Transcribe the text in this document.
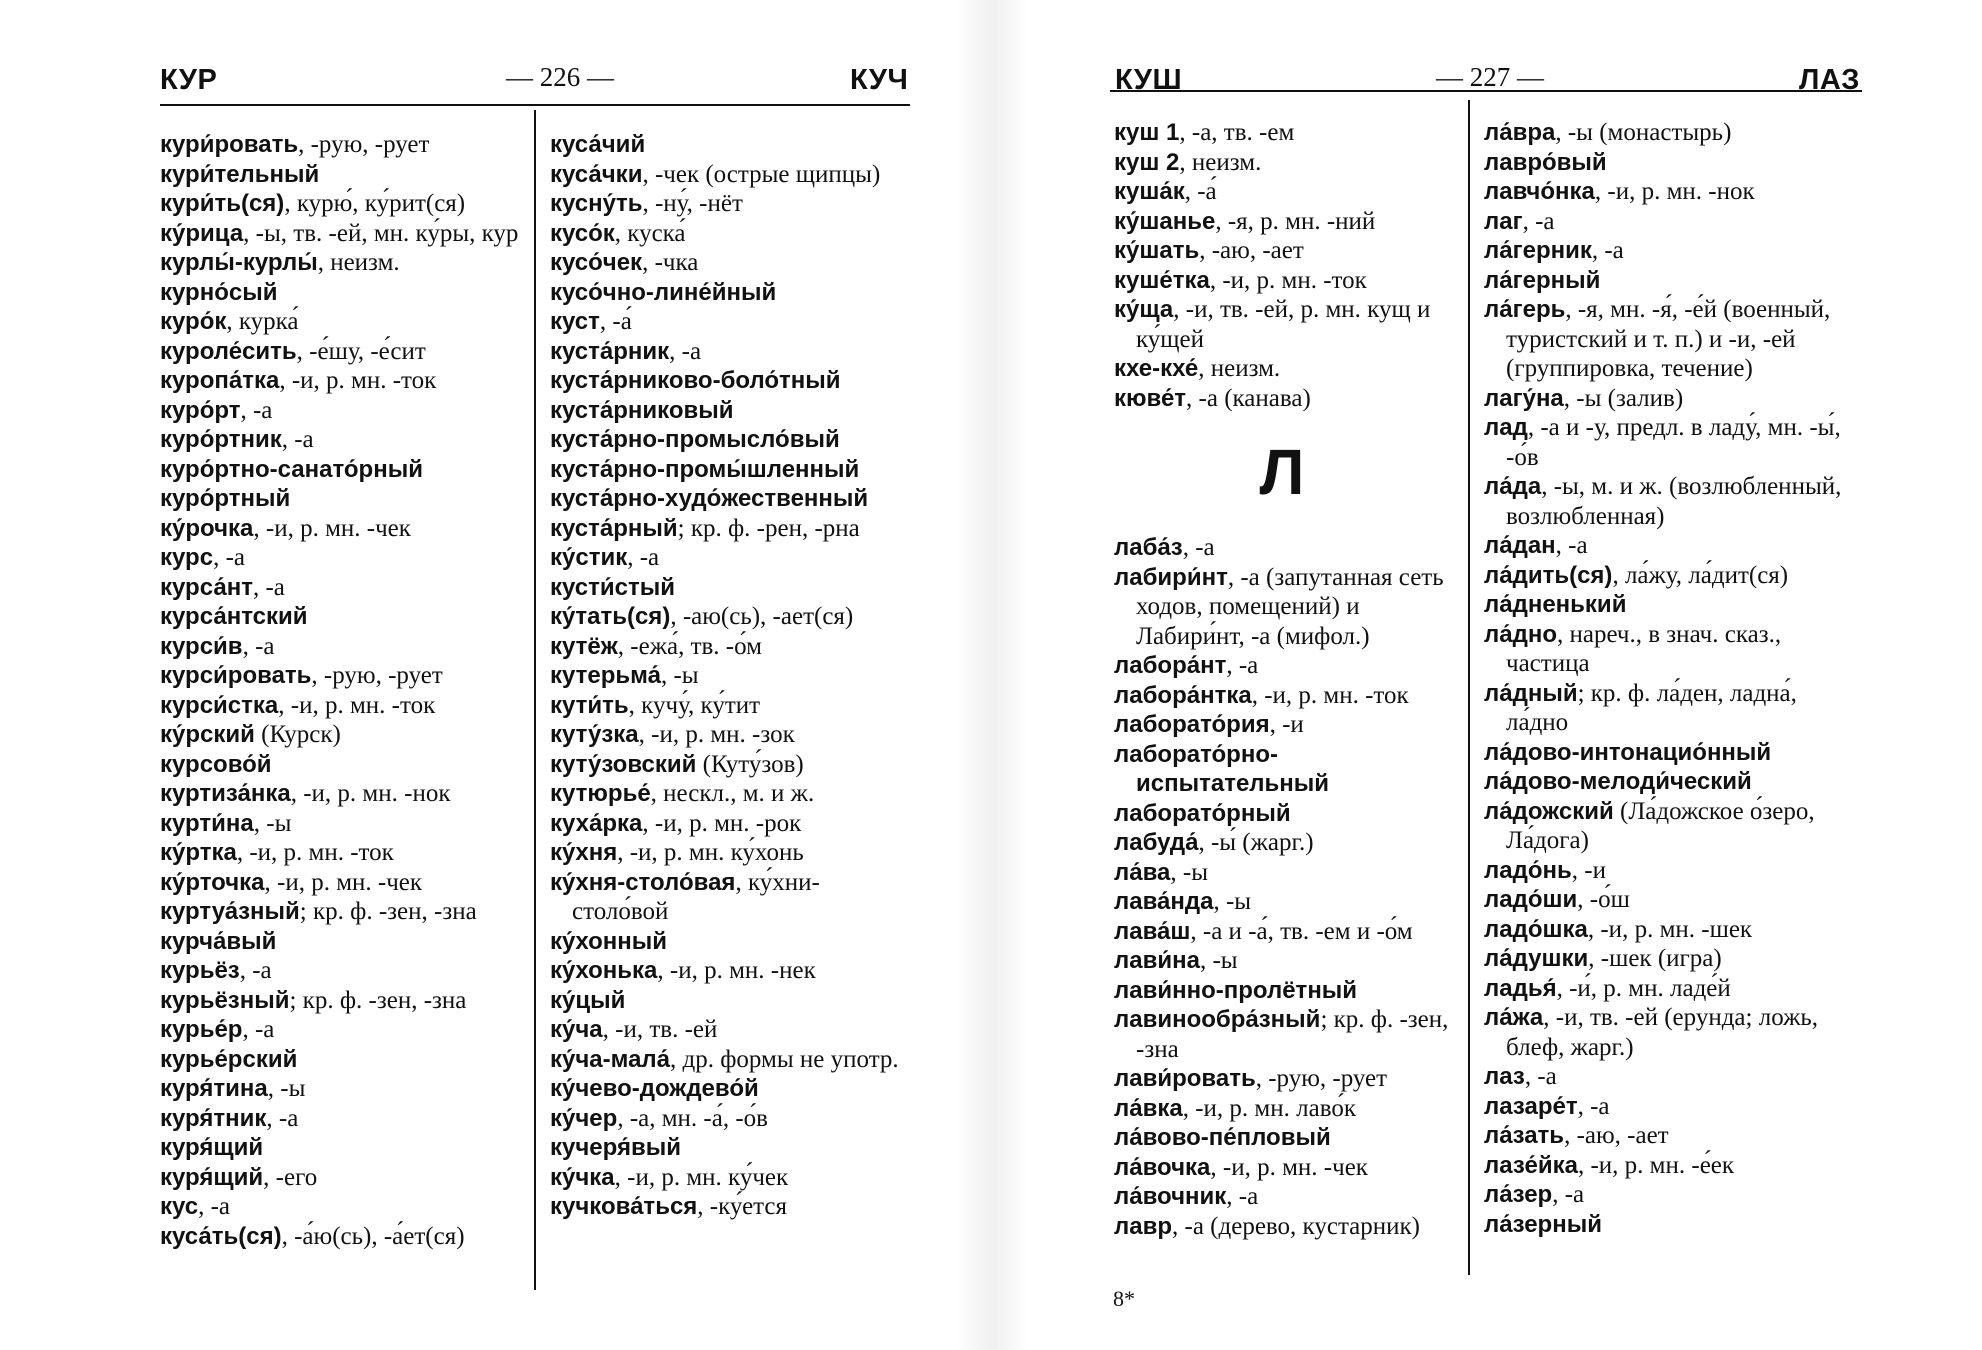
КУР	— 226 —	КУЧ

кури́ровать, -рую, -рует

кури́тельный

кури́ть(ся), курю́, ку́рит(ся)

ку́рица, -ы, тв. -ей, мн. ку́ры, кур

курлы́-курлы́, неизм.

курно́сый

куро́к, курка́

куроле́сить, -е́шу, -е́сит

куропа́тка, -и, р. мн. -ток

куро́рт, -а

куро́ртник, -а

куро́ртно-санато́рный

куро́ртный

ку́рочка, -и, р. мн. -чек

курс, -а

курса́нт, -а

курса́нтский

курси́в, -а

курси́ровать, -рую, -рует

курси́стка, -и, р. мн. -ток

ку́рский (Курск)

курсово́й

куртиза́нка, -и, р. мн. -нок

курти́на, -ы

ку́ртка, -и, р. мн. -ток

ку́рточка, -и, р. мн. -чек

куртуа́зный; кр. ф. -зен, -зна

курча́вый

курьёз, -а

курьёзный; кр. ф. -зен, -зна

курье́р, -а

курье́рский

куря́тина, -ы

куря́тник, -а

куря́щий

куря́щий, -его

кус, -а

куса́ть(ся), -а́ю(сь), -а́ет(ся)

куса́чий

куса́чки, -чек (острые щипцы)

кусну́ть, -ну́, -нёт

кусо́к, куска́

кусо́чек, -чка

кусо́чно-лине́йный

куст, -а́

куста́рник, -а

куста́рниково-боло́тный

куста́рниковый

куста́рно-промысло́вый

куста́рно-промы́шленный

куста́рно-худо́жественный

куста́рный; кр. ф. -рен, -рна

ку́стик, -а

кусти́стый

ку́тать(ся), -аю(сь), -ает(ся)

кутёж, -ежа́, тв. -о́м

кутерьма́, -ы

кути́ть, кучу́, ку́тит

куту́зка, -и, р. мн. -зок

куту́зовский (Куту́зов)

кутюрье́, нескл., м. и ж.

куха́рка, -и, р. мн. -рок

ку́хня, -и, р. мн. ку́хонь

ку́хня-столо́вая, ку́хни-столо́вой

ку́хонный

ку́хонька, -и, р. мн. -нек

ку́цый

ку́ча, -и, тв. -ей

ку́ча-мала́, др. формы не употр.

ку́чево-дождево́й

ку́чер, -а, мн. -а́, -о́в

кучеря́вый

ку́чка, -и, р. мн. ку́чек

кучкова́ться, -ку́ется

КУШ	— 227 —	ЛАЗ

куш 1, -а, тв. -ем

куш 2, неизм.

куша́к, -а́

ку́шанье, -я, р. мн. -ний

ку́шать, -аю, -ает

куше́тка, -и, р. мн. -ток

ку́ща, -и, тв. -ей, р. мн. кущ и ку́щей

кхе-кхе́, неизм.

кюве́т, -а (канава)

Л

лаба́з, -а

лабири́нт, -а (запутанная сеть ходов, помещений) и Лабири́нт, -а (мифол.)

лабора́нт, -а

лабора́нтка, -и, р. мн. -ток

лаборато́рия, -и

лаборато́рно-испытательный

лаборато́рный

лабуда́, -ы́ (жарг.)

ла́ва, -ы

лава́нда, -ы

лава́ш, -а и -а́, тв. -ем и -о́м

лави́на, -ы

лави́нно-пролётный

лавинообра́зный; кр. ф. -зен, -зна

лави́ровать, -рую, -рует

ла́вка, -и, р. мн. лаво́к

ла́вово-пе́пловый

ла́вочка, -и, р. мн. -чек

ла́вочник, -а

лавр, -а (дерево, кустарник)

ла́вра, -ы (монастырь)

лавро́вый

лавчо́нка, -и, р. мн. -нок

лаг, -а

ла́герник, -а

ла́герный

ла́герь, -я, мн. -я́, -е́й (военный, туристский и т. п.) и -и, -ей (группировка, течение)

лагу́на, -ы (залив)

лад, -а и -у, предл. в ладу́, мн. -ы́, -о́в

ла́да, -ы, м. и ж. (возлюбленный, возлюбленная)

ла́дан, -а

ла́дить(ся), ла́жу, ла́дит(ся)

ла́дненький

ла́дно, нареч., в знач. сказ., частица

ла́дный; кр. ф. ла́ден, ладна́, ла́дно

ла́дово-интонацио́нный

ла́дово-мелоди́ческий

ла́дожский (Ла́дожское о́зеро, Ла́дога)

ладо́нь, -и

ладо́ши, -о́ш

ладо́шка, -и, р. мн. -шек

ла́душки, -шек (игра)

ладья́, -и́, р. мн. ладе́й

ла́жа, -и, тв. -ей (ерунда; ложь, блеф, жарг.)

лаз, -а

лазаре́т, -а

ла́зать, -аю, -ает

лазе́йка, -и, р. мн. -е́ек

ла́зер, -а

ла́зерный

8*
